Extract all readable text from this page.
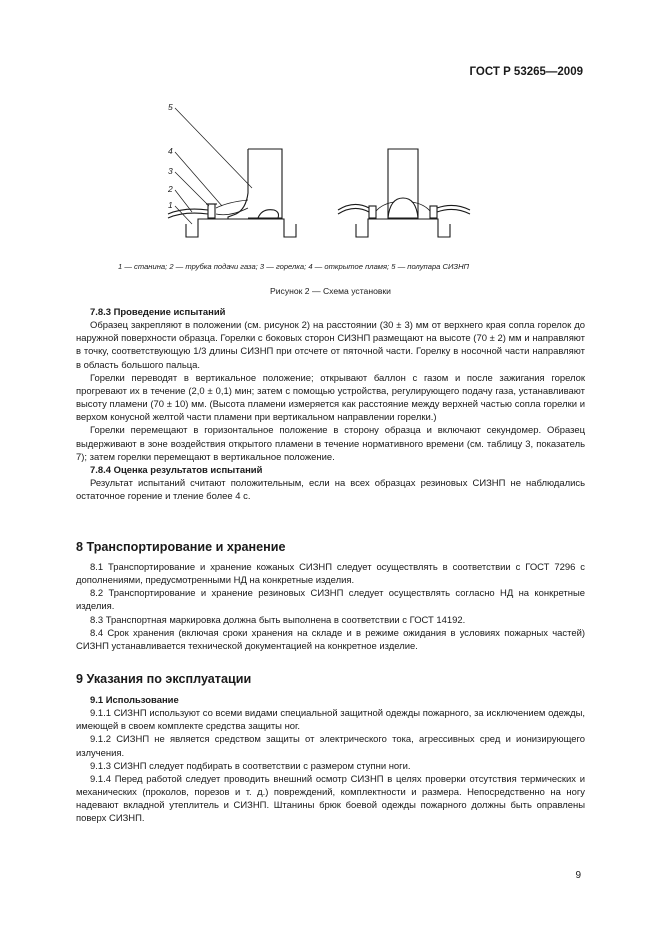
ГОСТ Р 53265—2009
5
4
3
2
1
1 — станина; 2 — трубка подачи газа; 3 — горелка; 4 — открытое пламя; 5 — полупара СИЗНП
Рисунок 2 — Схема установки

7.8.3 Проведение испытаний

Образец закрепляют в положении (см. рисунок 2) на расстоянии (30 ± 3) мм от верхнего края сопла горелок до наружной поверхности образца. Горелки с боковых сторон СИЗНП размещают на высоте (70 ± 2) мм и направляют в точку, соответствующую 1/3 длины СИЗНП при отсчете от пяточной части. Горелку в носочной части направляют в область большого пальца.

Горелки переводят в вертикальное положение; открывают баллон с газом и после зажигания горелок прогревают их в течение (2,0 ± 0,1) мин; затем с помощью устройства, регулирующего подачу газа, устанавливают высоту пламени (70 ± 10) мм. (Высота пламени измеряется как расстояние между верхней частью сопла горелки и верхом конусной желтой части пламени при вертикальном направлении горелки.)

Горелки перемещают в горизонтальное положение в сторону образца и включают секундомер. Образец выдерживают в зоне воздействия открытого пламени в течение нормативного времени (см. таблицу 3, показатель 7); затем горелки перемещают в вертикальное положение.

7.8.4 Оценка результатов испытаний

Результат испытаний считают положительным, если на всех образцах резиновых СИЗНП не наблюдались остаточное горение и тление более 4 с.

8 Транспортирование и хранение

8.1 Транспортирование и хранение кожаных СИЗНП следует осуществлять в соответствии с ГОСТ 7296 с дополнениями, предусмотренными НД на конкретные изделия.

8.2 Транспортирование и хранение резиновых СИЗНП следует осуществлять согласно НД на конкретные изделия.

8.3 Транспортная маркировка должна быть выполнена в соответствии с ГОСТ 14192.

8.4 Срок хранения (включая сроки хранения на складе и в режиме ожидания в условиях пожарных частей) СИЗНП устанавливается технической документацией на конкретное изделие.

9 Указания по эксплуатации

9.1 Использование

9.1.1 СИЗНП используют со всеми видами специальной защитной одежды пожарного, за исключением одежды, имеющей в своем комплекте средства защиты ног.

9.1.2 СИЗНП не является средством защиты от электрического тока, агрессивных сред и ионизирующего излучения.

9.1.3 СИЗНП следует подбирать в соответствии с размером ступни ноги.

9.1.4 Перед работой следует проводить внешний осмотр СИЗНП в целях проверки отсутствия термических и механических (проколов, порезов и т. д.) повреждений, комплектности и размера. Непосредственно на ногу надевают вкладной утеплитель и СИЗНП. Штанины брюк боевой одежды пожарного должны быть оправлены поверх СИЗНП.

9
